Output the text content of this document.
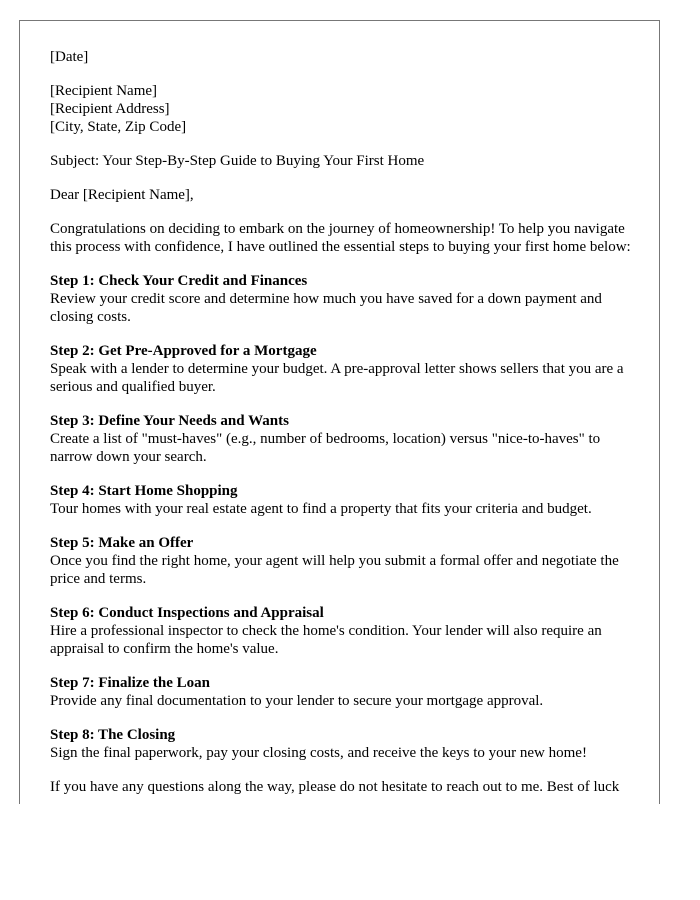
[Date]
[Recipient Name]
[Recipient Address]
[City, State, Zip Code]
Subject: Your Step-By-Step Guide to Buying Your First Home
Dear [Recipient Name],
Congratulations on deciding to embark on the journey of homeownership! To help you navigate this process with confidence, I have outlined the essential steps to buying your first home below:
Step 1: Check Your Credit and Finances
Review your credit score and determine how much you have saved for a down payment and closing costs.
Step 2: Get Pre-Approved for a Mortgage
Speak with a lender to determine your budget. A pre-approval letter shows sellers that you are a serious and qualified buyer.
Step 3: Define Your Needs and Wants
Create a list of "must-haves" (e.g., number of bedrooms, location) versus "nice-to-haves" to narrow down your search.
Step 4: Start Home Shopping
Tour homes with your real estate agent to find a property that fits your criteria and budget.
Step 5: Make an Offer
Once you find the right home, your agent will help you submit a formal offer and negotiate the price and terms.
Step 6: Conduct Inspections and Appraisal
Hire a professional inspector to check the home's condition. Your lender will also require an appraisal to confirm the home's value.
Step 7: Finalize the Loan
Provide any final documentation to your lender to secure your mortgage approval.
Step 8: The Closing
Sign the final paperwork, pay your closing costs, and receive the keys to your new home!
If you have any questions along the way, please do not hesitate to reach out to me. Best of luck
